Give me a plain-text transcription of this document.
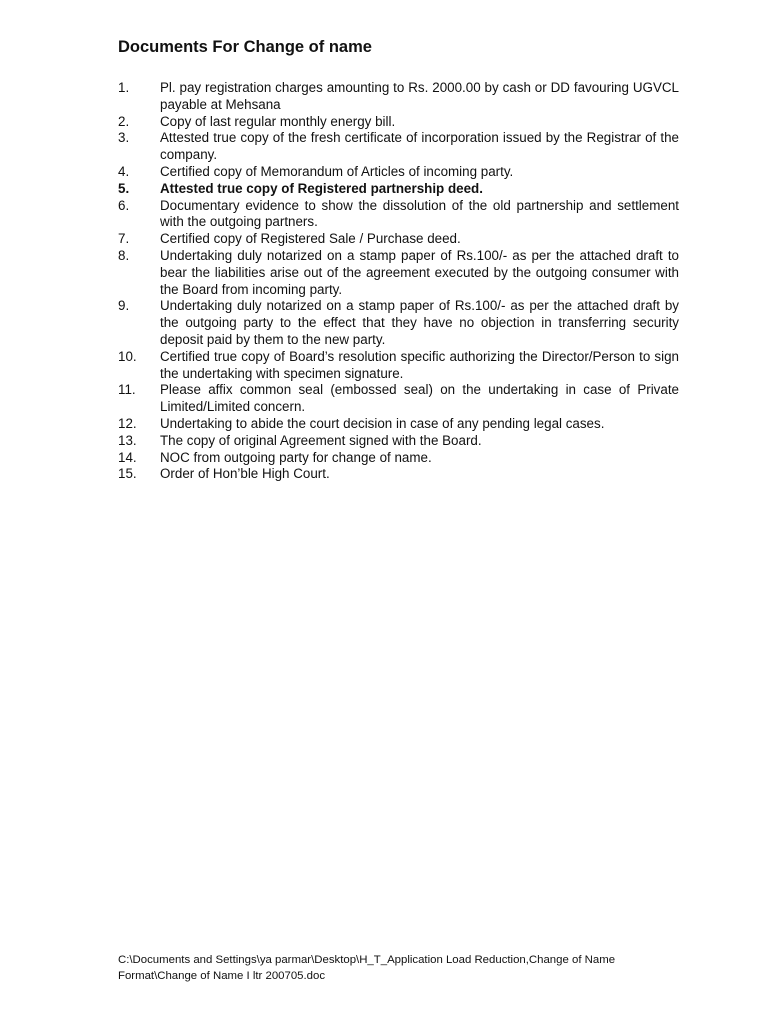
Documents For Change of name
1.	Pl. pay registration charges amounting to Rs. 2000.00 by cash or DD favouring UGVCL payable at Mehsana
2.	Copy of last regular monthly energy bill.
3.	Attested true copy of the fresh certificate of incorporation issued by the Registrar of the company.
4.	Certified copy of Memorandum of Articles of incoming party.
5.	Attested true copy of Registered partnership deed.
6.	Documentary evidence to show the dissolution of the old partnership and settlement with the outgoing partners.
7.	Certified copy of Registered Sale / Purchase deed.
8.	Undertaking duly notarized on a stamp paper of Rs.100/- as per the attached draft to bear the liabilities arise out of the agreement executed by the outgoing consumer with the Board from incoming party.
9.	Undertaking duly notarized on a stamp paper of Rs.100/- as per the attached draft by the outgoing party to the effect that they have no objection in transferring security deposit paid by them to the new party.
10.	Certified true copy of Board’s resolution specific authorizing the Director/Person to sign the undertaking with specimen signature.
11.	Please affix common seal (embossed seal) on the undertaking in case of Private Limited/Limited concern.
12.	Undertaking to abide the court decision in case of any pending legal cases.
13.	The copy of original Agreement signed with the Board.
14.	NOC from outgoing party for change of name.
15.	Order of Hon’ble High Court.

C:\Documents and Settings\ya parmar\Desktop\H_T_Application Load Reduction,Change of Name Format\Change of Name I ltr 200705.doc
